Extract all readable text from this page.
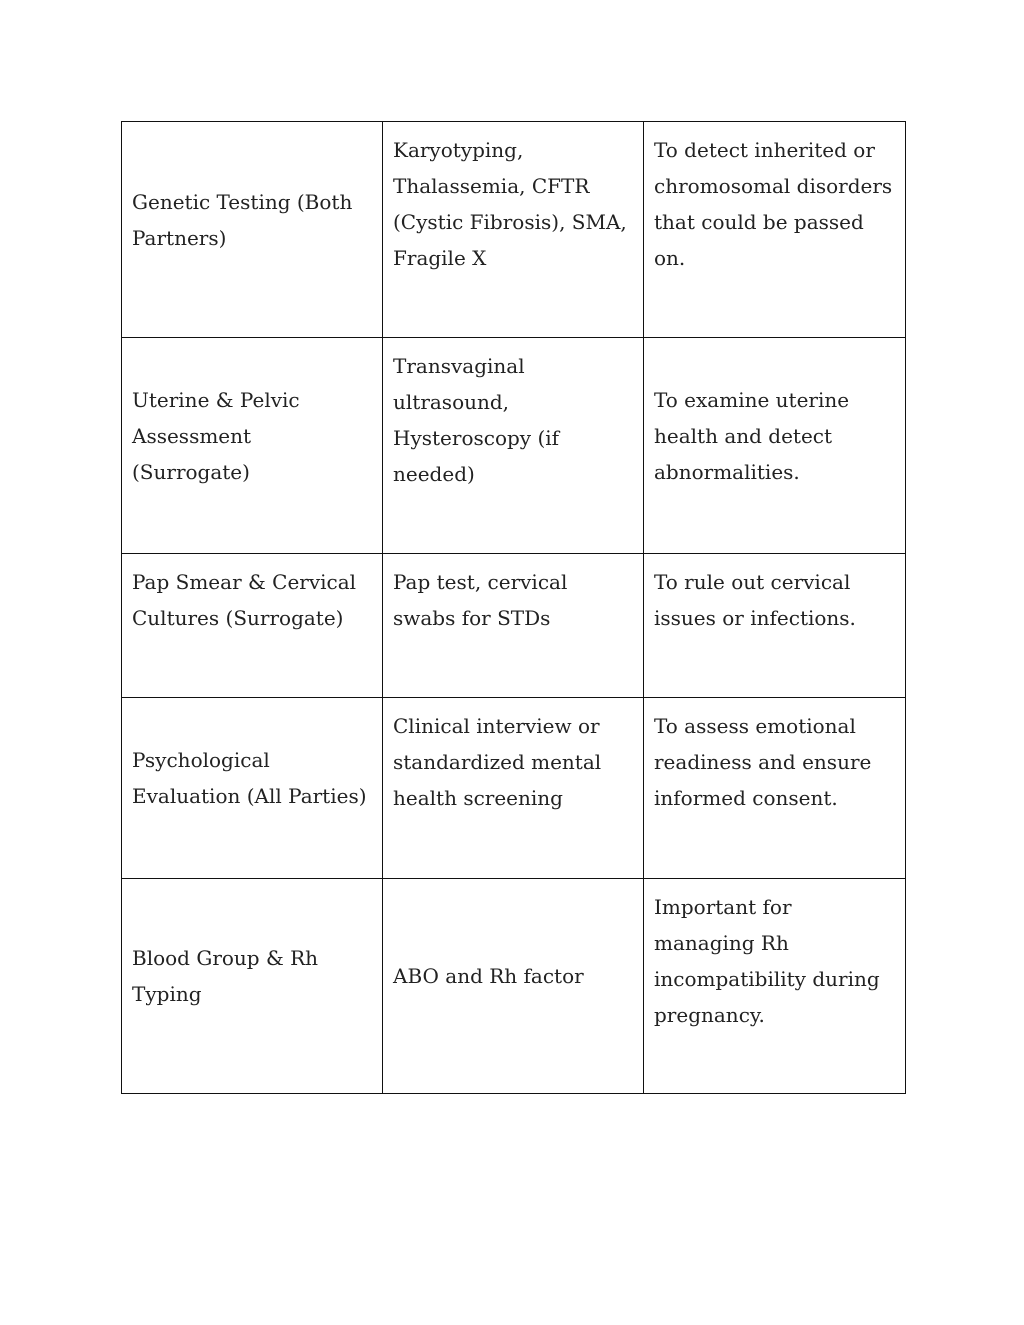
Genetic Testing (Both Partners)	Karyotyping, Thalassemia, CFTR (Cystic Fibrosis), SMA, Fragile X	To detect inherited or chromosomal disorders that could be passed on.

Uterine & Pelvic Assessment (Surrogate)	Transvaginal ultrasound, Hysteroscopy (if needed)	To examine uterine health and detect abnormalities.

Pap Smear & Cervical Cultures (Surrogate)	Pap test, cervical swabs for STDs	To rule out cervical issues or infections.

Psychological Evaluation (All Parties)	Clinical interview or standardized mental health screening	To assess emotional readiness and ensure informed consent.

Blood Group & Rh Typing	ABO and Rh factor	Important for managing Rh incompatibility during pregnancy.
